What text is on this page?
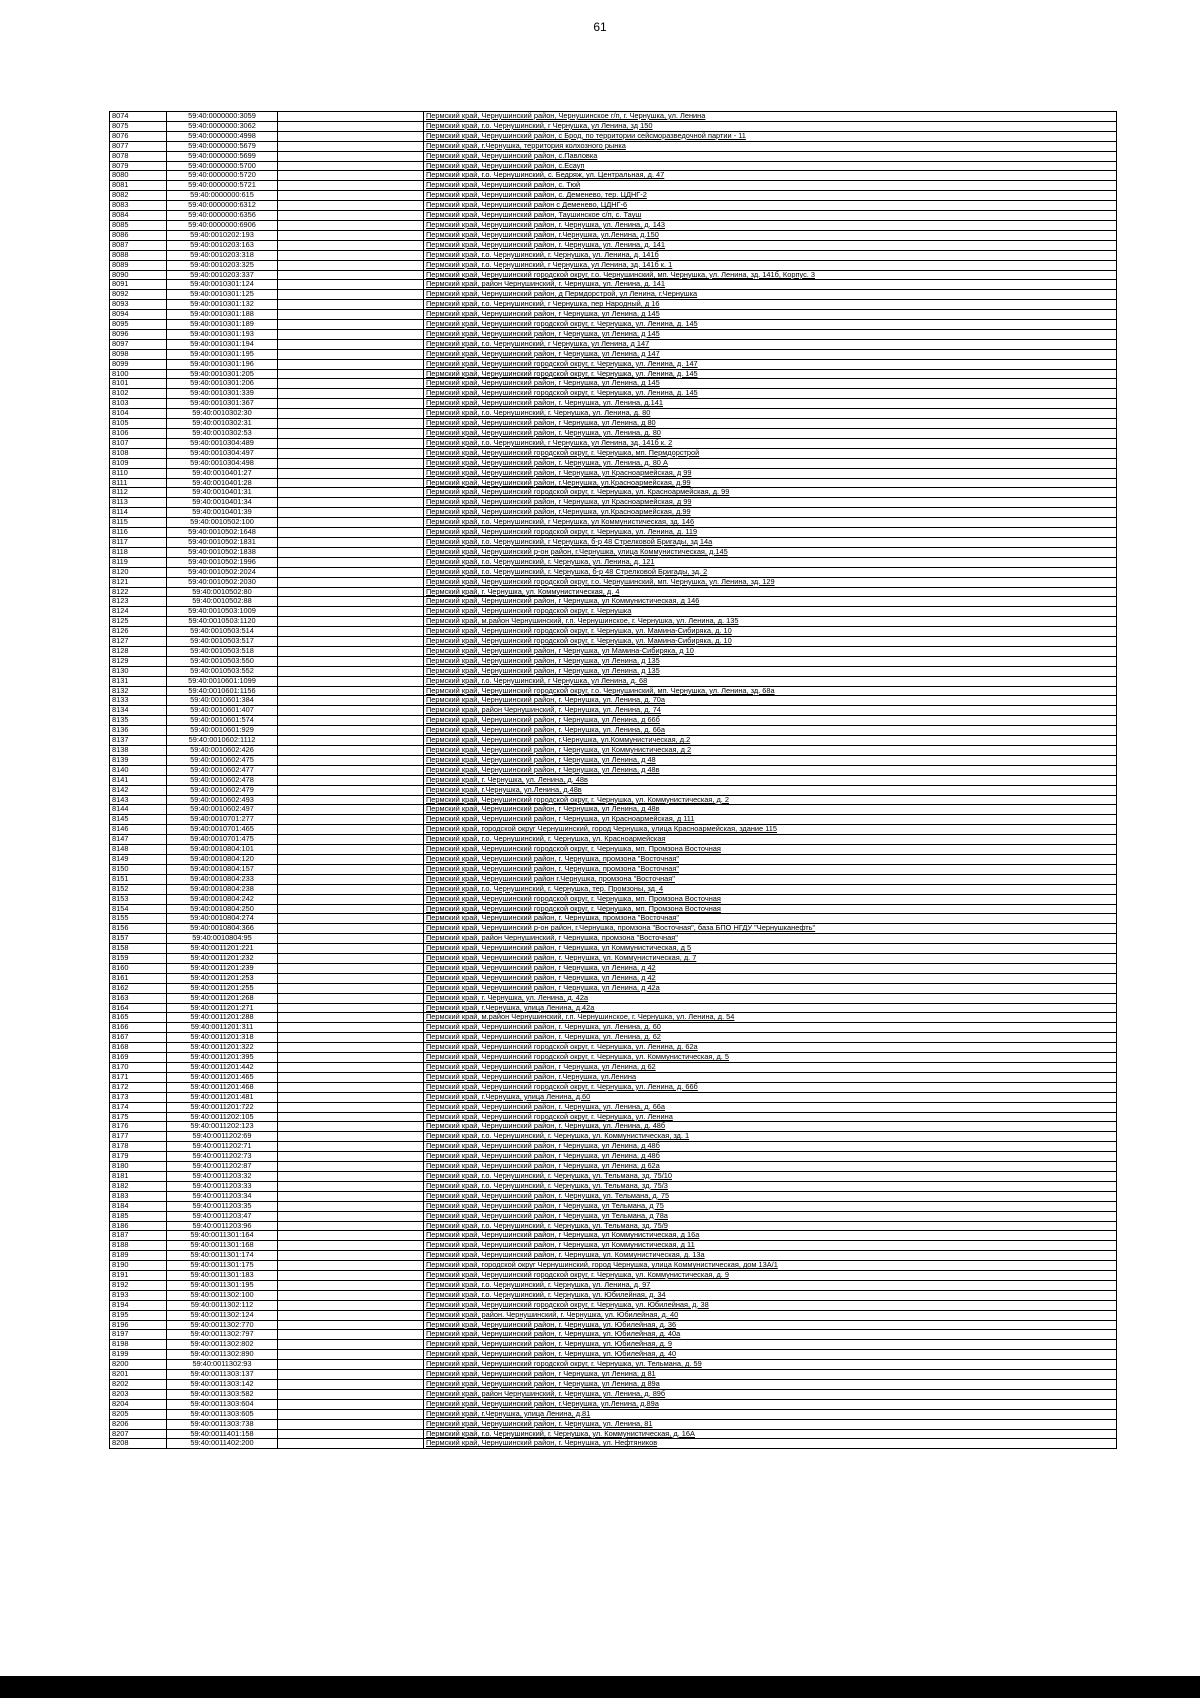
61
8074	59:40:0000000:3059		Пермский край, Чернушинский район, Чернушинское г/п, г. Чернушка, ул. Ленина
8075	59:40:0000000:3062		Пермский край, г.о. Чернушинский, г Чернушка, ул Ленина, зд 150
8076	59:40:0000000:4998		Пермский край, Чернушинский район, с Брод, по территории сейсморазведочной партии - 11
8077	59:40:0000000:5679		Пермский край, г.Чернушка, территория колхозного рынка
8078	59:40:0000000:5699		Пермский край, Чернушинский район, с.Павловка
8079	59:40:0000000:5700		Пермский край, Чернушинский район, с.Есауп
8080	59:40:0000000:5720		Пермский край, г.о. Чернушинский, с. Бедряж, ул. Центральная, д. 47
8081	59:40:0000000:5721		Пермский край, Чернушинский район, с. Тюй
8082	59:40:0000000:615		Пермский край, Чернушинский район, с. Деменево, тер. ЦДНГ-2
8083	59:40:0000000:6312		Пермский край, Чернушинский район с Деменево, ЦДНГ-6
8084	59:40:0000000:6356		Пермский край, Чернушинский район, Таушинское с/п, с. Тауш
8085	59:40:0000000:6906		Пермский край, Чернушинский район, г. Чернушка, ул. Ленина, д. 143
8086	59:40:0010202:193		Пермский край, Чернушинский район, г.Чернушка, ул.Ленина, д.150
8087	59:40:0010203:163		Пермский край, Чернушинский район, г. Чернушка, ул. Ленина, д. 141
8088	59:40:0010203:318		Пермский край, г.о. Чернушинский, г. Чернушка, ул. Ленина, д. 141б
8089	59:40:0010203:325		Пермский край, г.о. Чернушинский, г Чернушка, ул Ленина, зд. 141б к. 1
8090	59:40:0010203:337		Пермский край, Чернушинский городской округ, г.о. Чернушинский, мп. Чернушка, ул. Ленина, зд. 141б, Корпус. 3
8091	59:40:0010301:124		Пермский край, район Чернушинский, г. Чернушка, ул. Ленина, д. 141
8092	59:40:0010301:125		Пермский край, Чернушинский район, д Пермдорстрой, ул Ленина, г.Чернушка
8093	59:40:0010301:132		Пермский край, г.о. Чернушинский, г Чернушка, пер Народный, д 16
8094	59:40:0010301:188		Пермский край, Чернушинский район, г Чернушка, ул Ленина, д 145
8095	59:40:0010301:189		Пермский край, Чернушинский городской округ, г. Чернушка, ул. Ленина, д. 145
8096	59:40:0010301:193		Пермский край, Чернушинский район, г Чернушка, ул Ленина, д 145
8097	59:40:0010301:194		Пермский край, г.о. Чернушинский, г Чернушка, ул Ленина, д 147
8098	59:40:0010301:195		Пермский край, Чернушинский район, г Чернушка, ул Ленина, д 147
8099	59:40:0010301:196		Пермский край, Чернушинский городской округ, г. Чернушка, ул. Ленина, д. 147
8100	59:40:0010301:205		Пермский край, Чернушинский городской округ, г. Чернушка, ул. Ленина, д. 145
8101	59:40:0010301:206		Пермский край, Чернушинский район, г Чернушка, ул Ленина, д 145
8102	59:40:0010301:339		Пермский край, Чернушинский городской округ, г. Чернушка, ул. Ленина, д. 145
8103	59:40:0010301:367		Пермский край, Чернушинский район, г. Чернушка, ул. Ленина, д.141
8104	59:40:0010302:30		Пермский край, г.о. Чернушинский, г. Чернушка, ул. Ленина, д. 80
8105	59:40:0010302:31		Пермский край, Чернушинский район, г Чернушка, ул Ленина, д 80
8106	59:40:0010302:53		Пермский край, Чернушинский район, г. Чернушка, ул. Ленина, д. 80
8107	59:40:0010304:489		Пермский край, г.о. Чернушинский, г Чернушка, ул Ленина, зд. 141б к. 2
8108	59:40:0010304:497		Пермский край, Чернушинский городской округ, г. Чернушка, мп. Пермдорстрой
8109	59:40:0010304:498		Пермский край, Чернушинский район, г. Чернушка, ул. Ленина, д. 80 А
8110	59:40:0010401:27		Пермский край, Чернушинский район, г Чернушка, ул Красноармейская, д 99
8111	59:40:0010401:28		Пермский край, Чернушинский район, г.Чернушка, ул.Красноармейская, д.99
8112	59:40:0010401:31		Пермский край, Чернушинский городской округ, г. Чернушка, ул. Красноармейская, д. 99
8113	59:40:0010401:34		Пермский край, Чернушинский район, г Чернушка, ул Красноармейская, д 99
8114	59:40:0010401:39		Пермский край, Чернушинский район, г.Чернушка, ул.Красноармейская, д.99
8115	59:40:0010502:100		Пермский край, г.о. Чернушинский, г Чернушка, ул Коммунистическая, зд. 146
8116	59:40:0010502:1648		Пермский край, Чернушинский городской округ, г. Чернушка, ул. Ленина, д. 119
8117	59:40:0010502:1831		Пермский край, г.о. Чернушинский, г Чернушка, б-р 48 Стрелковой Бригады, зд 14а
8118	59:40:0010502:1838		Пермский край, Чернушинский р-он район, г.Чернушка, улица Коммунистическая, д.145
8119	59:40:0010502:1996		Пермский край, г.о. Чернушинский, г. Чернушка, ул. Ленина, д. 121
8120	59:40:0010502:2024		Пермский край, г.о. Чернушинский, г. Чернушка, б-р 48 Стрелковой Бригады, зд. 2
8121	59:40:0010502:2030		Пермский край, Чернушинский городской округ, г.о. Чернушинский, мп. Чернушка, ул. Ленина, зд. 129
8122	59:40:0010502:80		Пермский край, г. Чернушка, ул. Коммунистическая, д. 4
8123	59:40:0010502:88		Пермский край, Чернушинский район, г Чернушка, ул Коммунистическая, д 146
8124	59:40:0010503:1009		Пермский край, Чернушинский городской округ, г. Чернушка
8125	59:40:0010503:1120		Пермский край, м.район Чернушинский, г.п. Чернушинское, г. Чернушка, ул. Ленина, д. 135
8126	59:40:0010503:514		Пермский край, Чернушинский городской округ, г. Чернушка, ул. Мамина-Сибиряка, д. 10
8127	59:40:0010503:517		Пермский край, Чернушинский городской округ, г. Чернушка, ул. Мамина-Сибиряка, д. 10
8128	59:40:0010503:518		Пермский край, Чернушинский район, г Чернушка, ул Мамина-Сибиряка, д 10
8129	59:40:0010503:550		Пермский край, Чернушинский район, г Чернушка, ул Ленина, д 135
8130	59:40:0010503:552		Пермский край, Чернушинский район, г Чернушка, ул Ленина, д 135
8131	59:40:0010601:1099		Пермский край, г.о. Чернушинский, г Чернушка, ул Ленина, д. 68
8132	59:40:0010601:1156		Пермский край, Чернушинский городской округ, г.о. Чернушинский, мп. Чернушка, ул. Ленина, зд. 68а
8133	59:40:0010601:384		Пермский край, Чернушинский район, г. Чернушка, ул. Ленина, д. 70а
8134	59:40:0010601:407		Пермский край, район Чернушинский, г. Чернушка, ул. Ленина, д. 74
8135	59:40:0010601:574		Пермский край, Чернушинский район, г Чернушка, ул Ленина, д 66б
8136	59:40:0010601:929		Пермский край, Чернушинский район, г. Чернушка, ул. Ленина, д. 66а
8137	59:40:0010602:1112		Пермский край, Чернушинский район, г.Чернушка, ул.Коммунистическая, д.2
8138	59:40:0010602:426		Пермский край, Чернушинский район, г Чернушка, ул Коммунистическая, д 2
8139	59:40:0010602:475		Пермский край, Чернушинский район, г Чернушка, ул Ленина, д 48
8140	59:40:0010602:477		Пермский край, Чернушинский район, г Чернушка, ул Ленина, д 48в
8141	59:40:0010602:478		Пермский край, г. Чернушка, ул. Ленина, д. 48в
8142	59:40:0010602:479		Пермский край, г.Чернушка, ул.Ленина, д.48в
8143	59:40:0010602:493		Пермский край, Чернушинский городской округ, г. Чернушка, ул. Коммунистическая, д. 2
8144	59:40:0010602:497		Пермский край, Чернушинский район, г Чернушка, ул Ленина, д 48в
8145	59:40:0010701:277		Пермский край, Чернушинский район, г Чернушка, ул Красноармейская, д 111
8146	59:40:0010701:465		Пермский край, городской округ Чернушинский, город Чернушка, улица Красноармейская, здание 115
8147	59:40:0010701:475		Пермский край, г.о. Чернушинский, г. Чернушка, ул. Красноармейская
8148	59:40:0010804:101		Пермский край, Чернушинский городской округ, г. Чернушка, мп. Промзона Восточная
8149	59:40:0010804:120		Пермский край, Чернушинский район, г. Чернушка, промзона "Восточная"
8150	59:40:0010804:157		Пермский край, Чернушинский район, г. Чернушка, промзона "Восточная"
8151	59:40:0010804:233		Пермский край, Чернушинский район г.Чернушка, промзона "Восточная"
8152	59:40:0010804:238		Пермский край, г.о. Чернушинский, г. Чернушка, тер. Промзоны, зд. 4
8153	59:40:0010804:242		Пермский край, Чернушинский городской округ, г. Чернушка, мп. Промзона Восточная
8154	59:40:0010804:250		Пермский край, Чернушинский городской округ, г. Чернушка, мп. Промзона Восточная
8155	59:40:0010804:274		Пермский край, Чернушинский район, г. Чернушка, промзона "Восточная"
8156	59:40:0010804:366		Пермский край, Чернушинский р-он район, г.Чернушка, промзона "Восточная", база БПО НГДУ "Чернушканефть"
8157	59:40:0010804:95		Пермский край, район Чернушинский, г Чернушка, промзона "Восточная"
8158	59:40:0011201:221		Пермский край, Чернушинский район, г Чернушка, ул Коммунистическая, д 5
8159	59:40:0011201:232		Пермский край, Чернушинский район, г. Чернушка, ул. Коммунистическая, д. 7
8160	59:40:0011201:239		Пермский край, Чернушинский район, г Чернушка, ул Ленина, д 42
8161	59:40:0011201:253		Пермский край, Чернушинский район, г Чернушка, ул Ленина, д 42
8162	59:40:0011201:255		Пермский край, Чернушинский район, г Чернушка, ул Ленина, д 42а
8163	59:40:0011201:268		Пермский край, г. Чернушка, ул. Ленина, д. 42а
8164	59:40:0011201:271		Пермский край, г.Чернушка, улица Ленина, д.42а
8165	59:40:0011201:288		Пермский край, м.район Чернушинский, г.п. Чернушинское, г. Чернушка, ул. Ленина, д. 54
8166	59:40:0011201:311		Пермский край, Чернушинский район, г. Чернушка, ул. Ленина, д. 60
8167	59:40:0011201:318		Пермский край, Чернушинский район, г. Чернушка, ул. Ленина, д. 62
8168	59:40:0011201:322		Пермский край, Чернушинский городской округ, г. Чернушка, ул. Ленина, д. 62а
8169	59:40:0011201:395		Пермский край, Чернушинский городской округ, г. Чернушка, ул. Коммунистическая, д. 5
8170	59:40:0011201:442		Пермский край, Чернушинский район, г Чернушка, ул Ленина, д 62
8171	59:40:0011201:465		Пермский край, Чернушинский район, г.Чернушка, ул.Ленина
8172	59:40:0011201:468		Пермский край, Чернушинский городской округ, г. Чернушка, ул. Ленина, д. 66б
8173	59:40:0011201:481		Пермский край, г.Чернушка, улица Ленина, д.60
8174	59:40:0011201:722		Пермский край, Чернушинский район, г. Чернушка, ул. Ленина, д. 66а
8175	59:40:0011202:105		Пермский край, Чернушинский городской округ, г. Чернушка, ул. Ленина
8176	59:40:0011202:123		Пермский край, Чернушинский район, г. Чернушка, ул. Ленина, д. 48б
8177	59:40:0011202:69		Пермский край, г.о. Чернушинский, г. Чернушка, ул. Коммунистическая, зд. 1
8178	59:40:0011202:71		Пермский край, Чернушинский район, г Чернушка, ул Ленина, д 48б
8179	59:40:0011202:73		Пермский край, Чернушинский район, г Чернушка, ул Ленина, д 48б
8180	59:40:0011202:87		Пермский край, Чернушинский район, г Чернушка, ул Ленина, д 62а
8181	59:40:0011203:32		Пермский край, г.о. Чернушинский, г. Чернушка, ул. Тельмана, зд. 75/10
8182	59:40:0011203:33		Пермский край, г.о. Чернушинский, г. Чернушка, ул. Тельмана, зд. 75/3
8183	59:40:0011203:34		Пермский край, Чернушинский район, г. Чернушка, ул. Тельмана, д. 75
8184	59:40:0011203:35		Пермский край, Чернушинский район, г Чернушка, ул Тельмана, д 75
8185	59:40:0011203:47		Пермский край, Чернушинский район, г Чернушка, ул Тельмана, д 78а
8186	59:40:0011203:96		Пермский край, г.о. Чернушинский, г. Чернушка, ул. Тельмана, зд. 75/9
8187	59:40:0011301:164		Пермский край, Чернушинский район, г Чернушка, ул Коммунистическая, д 16а
8188	59:40:0011301:168		Пермский край, Чернушинский район, г Чернушка, ул Коммунистическая, д 11
8189	59:40:0011301:174		Пермский край, Чернушинский район, г. Чернушка, ул. Коммунистическая, д. 13а
8190	59:40:0011301:175		Пермский край, городской округ Чернушинский, город Чернушка, улица Коммунистическая, дом 13А/1
8191	59:40:0011301:183		Пермский край, Чернушинский городской округ, г. Чернушка, ул. Коммунистическая, д. 9
8192	59:40:0011301:195		Пермский край, г.о. Чернушинский, г. Чернушка, ул. Ленина, д. 97
8193	59:40:0011302:100		Пермский край, г.о. Чернушинский, г. Чернушка, ул. Юбилейная, д. 34
8194	59:40:0011302:112		Пермский край, Чернушинский городской округ, г. Чернушка, ул. Юбилейная, д. 38
8195	59:40:0011302:124		Пермский край, район. Чернушинский, г. Чернушка, ул. Юбилейная, д. 40
8196	59:40:0011302:770		Пермский край, Чернушинский район, г. Чернушка, ул. Юбилейная, д. 36
8197	59:40:0011302:797		Пермский край, Чернушинский район, г. Чернушка, ул. Юбилейная, д. 40а
8198	59:40:0011302:802		Пермский край, Чернушинский район, г. Чернушка, ул. Юбилейная, д. 9
8199	59:40:0011302:890		Пермский край, Чернушинский район, г. Чернушка, ул. Юбилейная, д. 40
8200	59:40:0011302:93		Пермский край, Чернушинский городской округ, г. Чернушка, ул. Тельмана, д. 59
8201	59:40:0011303:137		Пермский край, Чернушинский район, г Чернушка, ул Ленина, д 81
8202	59:40:0011303:142		Пермский край, Чернушинский район, г Чернушка, ул Ленина, д 89а
8203	59:40:0011303:582		Пермский край, район Чернушинский, г. Чернушка, ул. Ленина, д. 89б
8204	59:40:0011303:604		Пермский край, Чернушинский район, г.Чернушка, ул.Ленина, д.89а
8205	59:40:0011303:605		Пермский край, г.Чернушка, улица Ленина, д.81
8206	59:40:0011303:738		Пермский край, Чернушинский район, г. Чернушка, ул. Ленина, 81
8207	59:40:0011401:158		Пермский край, г.о. Чернушинский, г. Чернушка, ул. Коммунистическая, д. 16А
8208	59:40:0011402:200		Пермский край, Чернушинский район, г. Чернушка, ул. Нефтяников
